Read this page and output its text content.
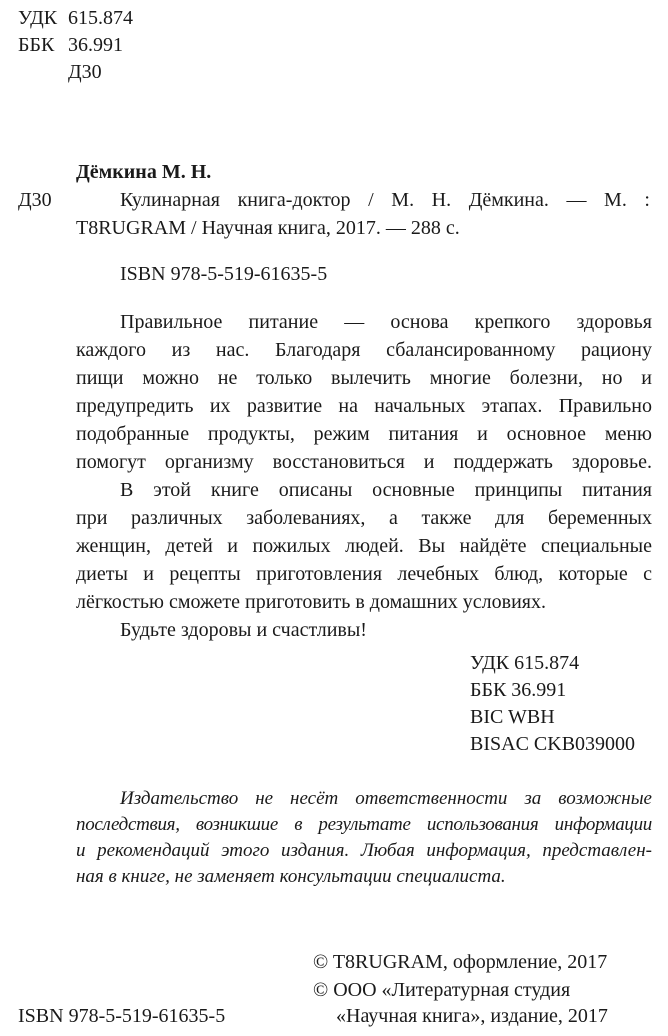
УДК 615.874
ББК 36.991
Д30
Дёмкина М. Н.
Д30	Кулинарная книга-доктор / М. Н. Дёмкина. — М. :
T8RUGRAM / Научная книга, 2017. — 288 с.
ISBN 978-5-519-61635-5
Правильное питание — основа крепкого здоровья
каждого из нас. Благодаря сбалансированному рациону
пищи можно не только вылечить многие болезни, но и
предупредить их развитие на начальных этапах. Правильно
подобранные продукты, режим питания и основное меню
помогут организму восстановиться и поддержать здоровье.
В этой книге описаны основные принципы питания
при различных заболеваниях, а также для беременных
женщин, детей и пожилых людей. Вы найдёте специальные
диеты и рецепты приготовления лечебных блюд, которые с
лёгкостью сможете приготовить в домашних условиях.
Будьте здоровы и счастливы!
УДК 615.874
ББК 36.991
BIC WBH
BISAC CKB039000
Издательство не несёт ответственности за возможные
последствия, возникшие в результате использования информации
и рекомендаций этого издания. Любая информация, представлен-
ная в книге, не заменяет консультации специалиста.
© T8RUGRAM, оформление, 2017
© ООО «Литературная студия
ISBN 978-5-519-61635-5	«Научная книга», издание, 2017
